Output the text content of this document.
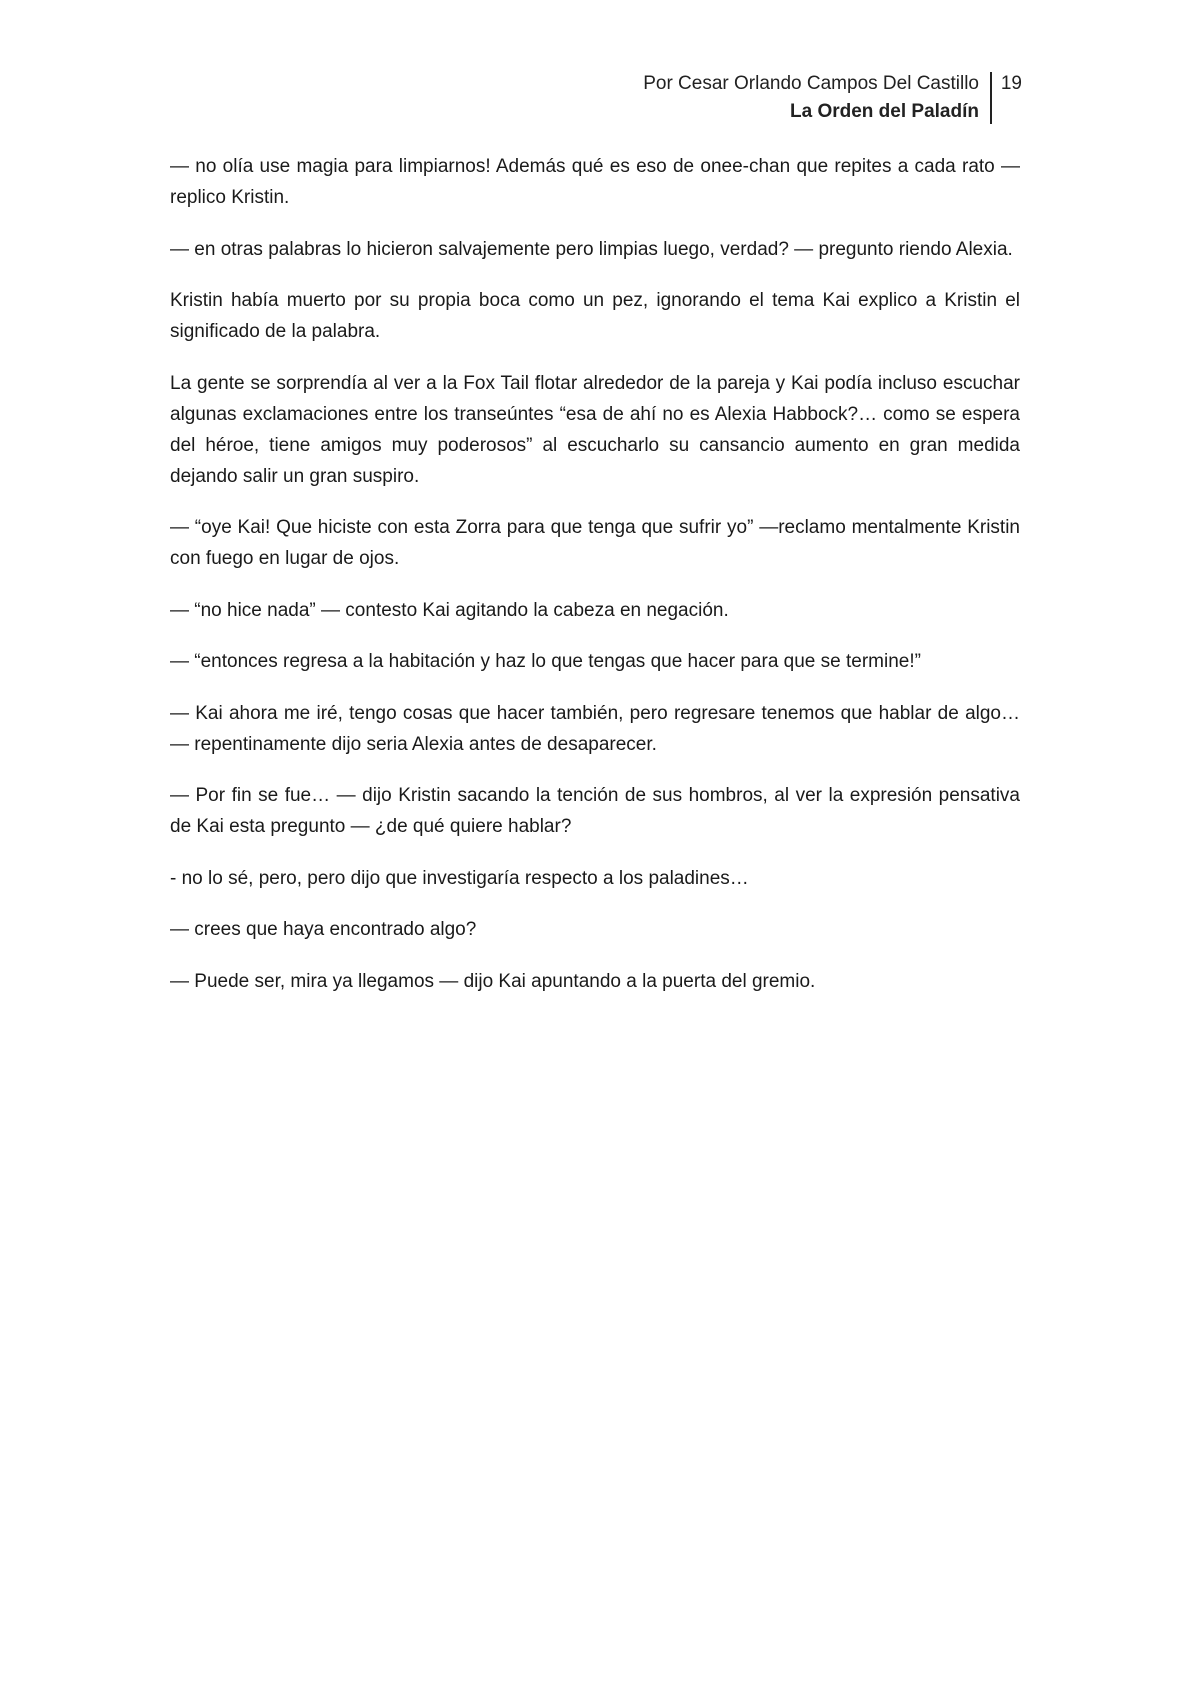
Por Cesar Orlando Campos Del Castillo
La Orden del Paladín
19

— no olía use magia para limpiarnos! Además qué es eso de onee-chan que repites a cada rato — replico Kristin.

— en otras palabras lo hicieron salvajemente pero limpias luego, verdad? — pregunto riendo Alexia.

Kristin había muerto por su propia boca como un pez, ignorando el tema Kai explico a Kristin el significado de la palabra.

La gente se sorprendía al ver a la Fox Tail flotar alrededor de la pareja y Kai podía incluso escuchar algunas exclamaciones entre los transeúntes “esa de ahí no es Alexia Habbock?… como se espera del héroe, tiene amigos muy poderosos” al escucharlo su cansancio aumento en gran medida dejando salir un gran suspiro.

— “oye Kai! Que hiciste con esta Zorra para que tenga que sufrir yo” —reclamo mentalmente Kristin con fuego en lugar de ojos.

— “no hice nada” — contesto Kai agitando la cabeza en negación.

— “entonces regresa a la habitación y haz lo que tengas que hacer para que se termine!”

— Kai ahora me iré, tengo cosas que hacer también, pero regresare tenemos que hablar de algo… — repentinamente dijo seria Alexia antes de desaparecer.

— Por fin se fue… — dijo Kristin sacando la tención de sus hombros, al ver la expresión pensativa de Kai esta pregunto — ¿de qué quiere hablar?

- no lo sé, pero, pero dijo que investigaría respecto a los paladines…

— crees que haya encontrado algo?

— Puede ser, mira ya llegamos — dijo Kai apuntando a la puerta del gremio.
